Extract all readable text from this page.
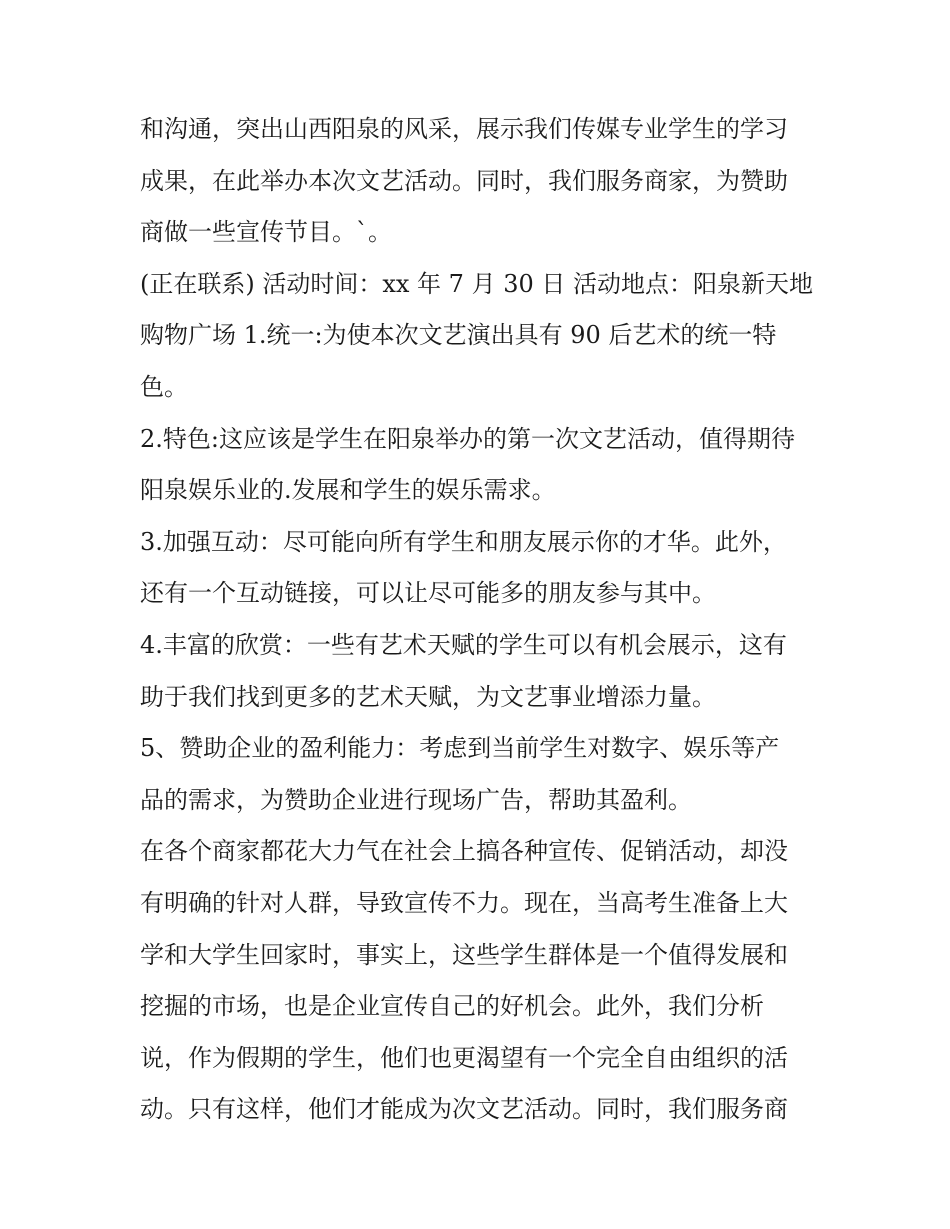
和沟通，突出山西阳泉的风采，展示我们传媒专业学生的学习
成果，在此举办本次文艺活动。同时，我们服务商家，为赞助
商做一些宣传节目。`。
(正在联系) 活动时间：xx 年 7 月 30 日 活动地点：阳泉新天地
购物广场 1.统一:为使本次文艺演出具有 90 后艺术的统一特
色。
2.特色:这应该是学生在阳泉举办的第一次文艺活动，值得期待
阳泉娱乐业的.发展和学生的娱乐需求。
3.加强互动：尽可能向所有学生和朋友展示你的才华。此外，
还有一个互动链接，可以让尽可能多的朋友参与其中。
4.丰富的欣赏：一些有艺术天赋的学生可以有机会展示，这有
助于我们找到更多的艺术天赋，为文艺事业增添力量。
5、赞助企业的盈利能力：考虑到当前学生对数字、娱乐等产
品的需求，为赞助企业进行现场广告，帮助其盈利。
在各个商家都花大力气在社会上搞各种宣传、促销活动，却没
有明确的针对人群，导致宣传不力。现在，当高考生准备上大
学和大学生回家时，事实上，这些学生群体是一个值得发展和
挖掘的市场，也是企业宣传自己的好机会。此外，我们分析
说，作为假期的学生，他们也更渴望有一个完全自由组织的活
动。只有这样，他们才能成为次文艺活动。同时，我们服务商
